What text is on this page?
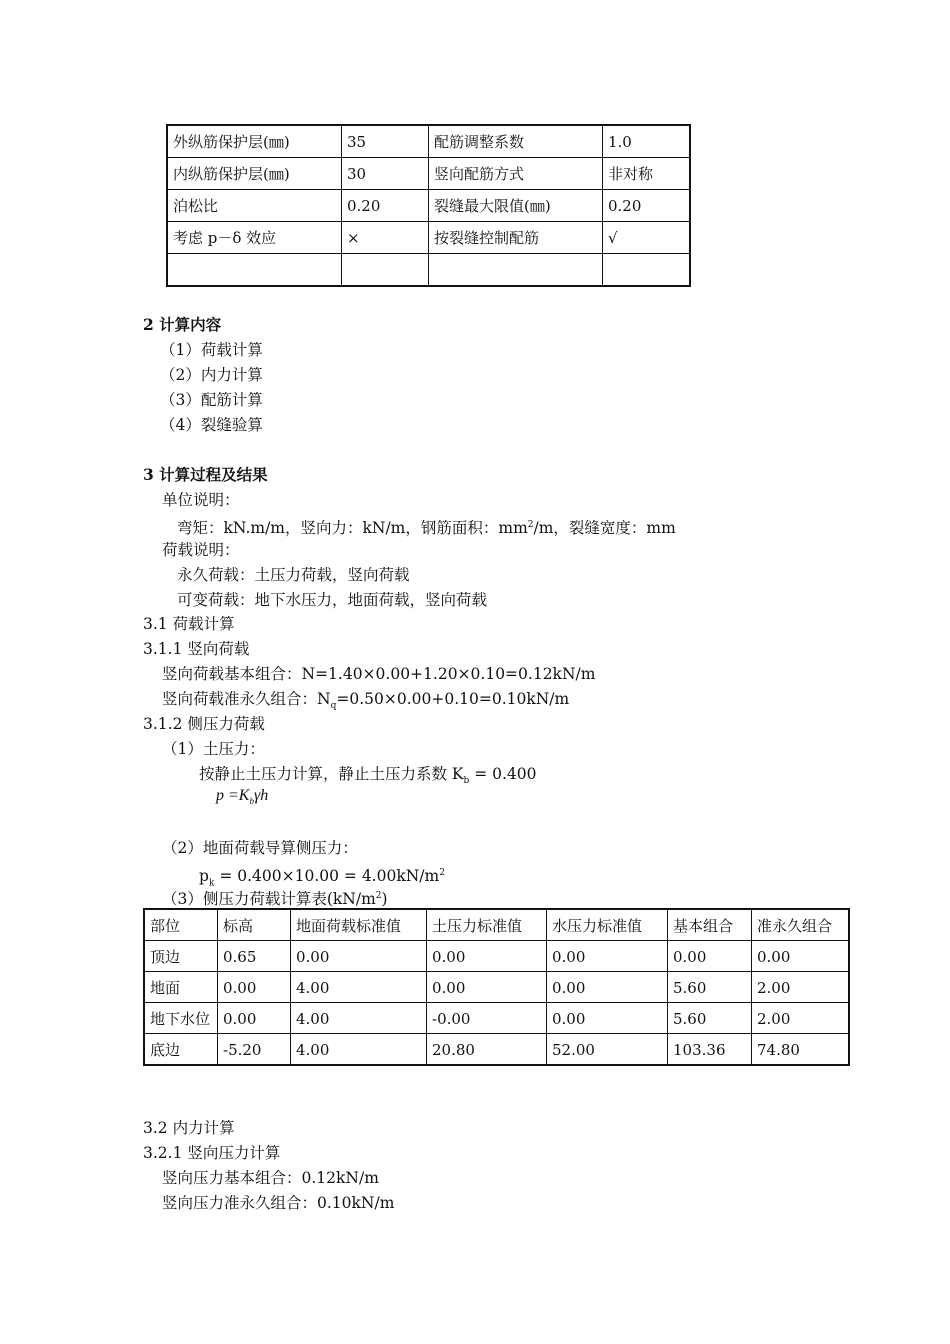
外纵筋保护层(㎜)	35	配筋调整系数	1.0
内纵筋保护层(㎜)	30	竖向配筋方式	非对称
泊松比	0.20	裂缝最大限值(㎜)	0.20
考虑 p－δ 效应	×	按裂缝控制配筋	√

2 计算内容
（1）荷载计算
（2）内力计算
（3）配筋计算
（4）裂缝验算
3 计算过程及结果
单位说明：
弯矩：kN.m/m，竖向力：kN/m，钢筋面积：$mm^2/m$，裂缝宽度：mm
荷载说明：
永久荷载：土压力荷载，竖向荷载
可变荷载：地下水压力，地面荷载，竖向荷载
3.1 荷载计算
3.1.1 竖向荷载
竖向荷载基本组合：N=1.40×0.00+1.20×0.10=0.12kN/m
竖向荷载准永久组合：$N_q=0.50\times 0.00+0.10=0.10kN/m$
3.1.2 侧压力荷载
（1）土压力：
按静止土压力计算，静止土压力系数 $K_b = 0.400$
$p =K_b\gamma h$
（2）地面荷载导算侧压力：
$p_k = 0.400\times 10.00 = 4.00kN/m^2$
（3）侧压力荷载计算表$(kN/m^2)$
部位	标高	地面荷载标准值	土压力标准值	水压力标准值	基本组合	准永久组合
顶边	0.65	0.00	0.00	0.00	0.00	0.00
地面	0.00	4.00	0.00	0.00	5.60	2.00
地下水位	0.00	4.00	-0.00	0.00	5.60	2.00
底边	-5.20	4.00	20.80	52.00	103.36	74.80
3.2 内力计算
3.2.1 竖向压力计算
竖向压力基本组合：0.12kN/m
竖向压力准永久组合：0.10kN/m
